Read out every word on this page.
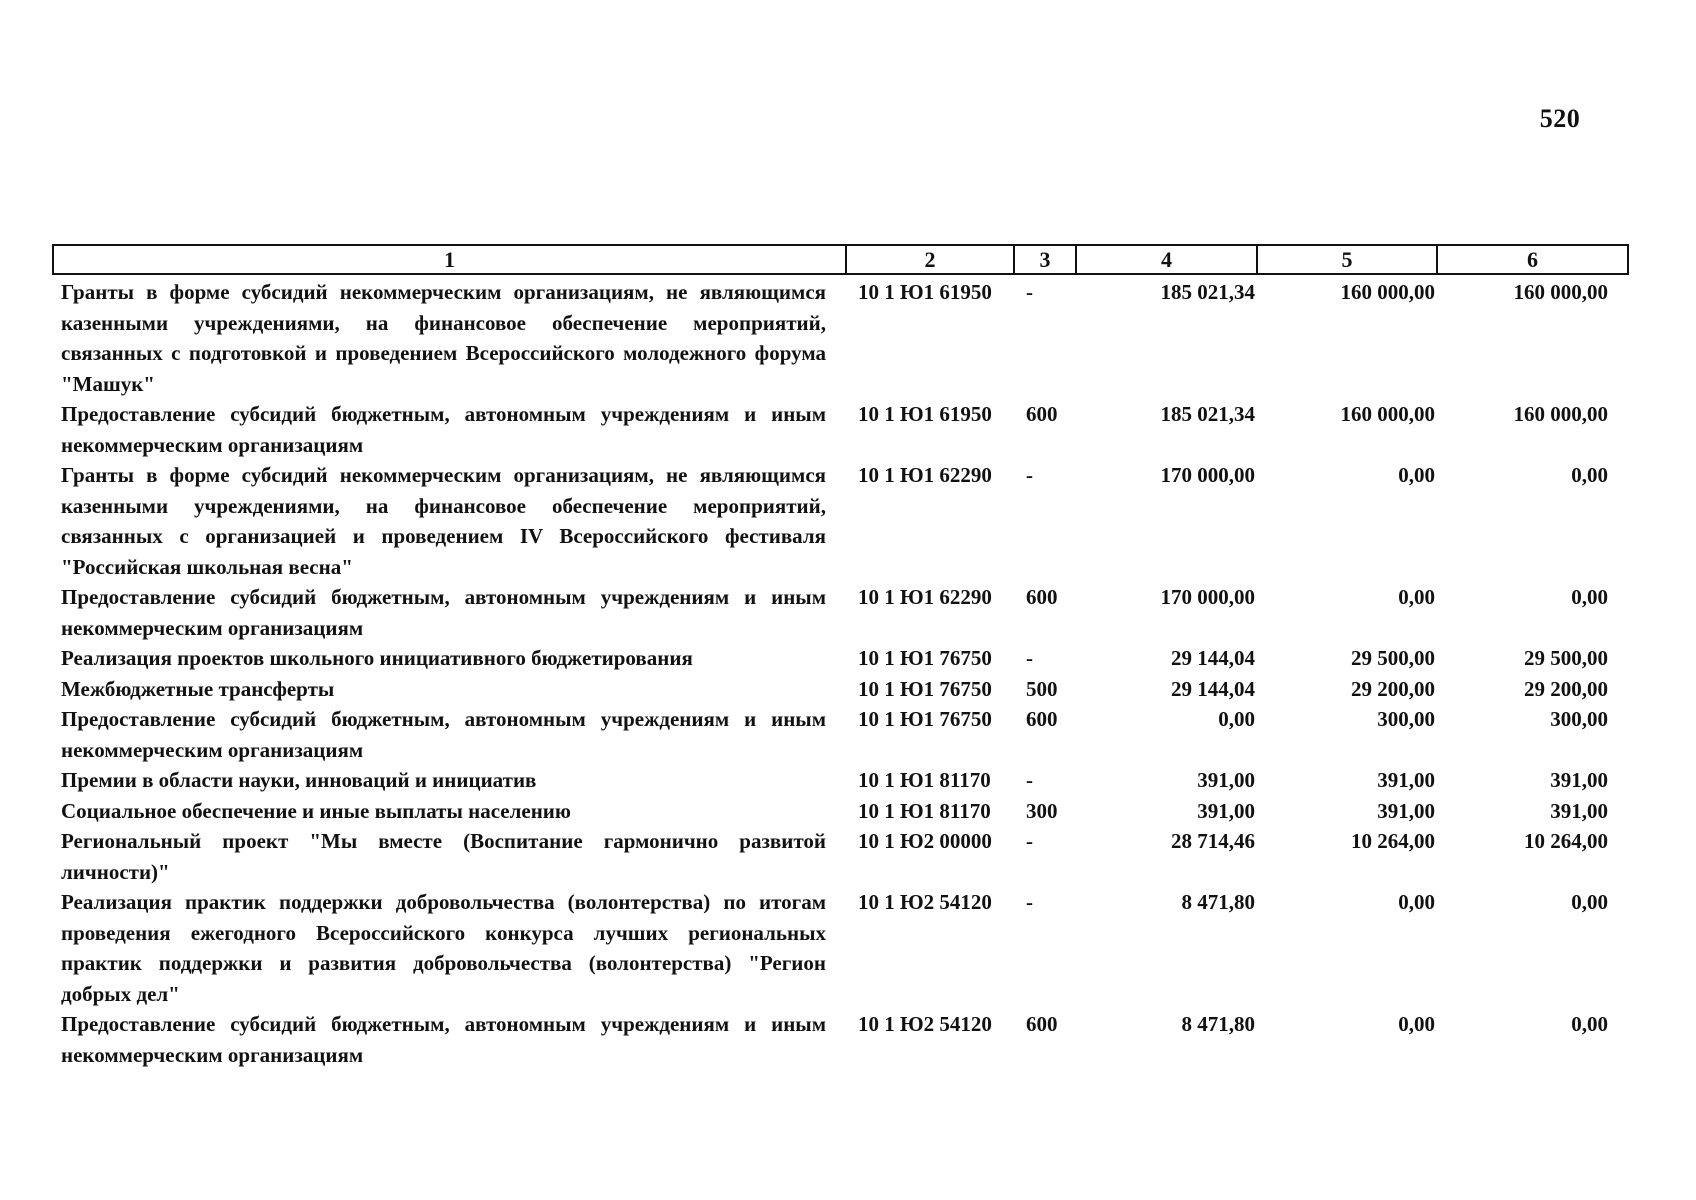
520
1	2	3	4	5	6
Гранты в форме субсидий некоммерческим организациям, не являющимся казенными учреждениями, на финансовое обеспечение мероприятий, связанных с подготовкой и проведением Всероссийского молодежного форума "Машук"	10 1 Ю1 61950	-	185 021,34	160 000,00	160 000,00
Предоставление субсидий бюджетным, автономным учреждениям и иным некоммерческим организациям	10 1 Ю1 61950	600	185 021,34	160 000,00	160 000,00
Гранты в форме субсидий некоммерческим организациям, не являющимся казенными учреждениями, на финансовое обеспечение мероприятий, связанных с организацией и проведением IV Всероссийского фестиваля "Российская школьная весна"	10 1 Ю1 62290	-	170 000,00	0,00	0,00
Предоставление субсидий бюджетным, автономным учреждениям и иным некоммерческим организациям	10 1 Ю1 62290	600	170 000,00	0,00	0,00
Реализация проектов школьного инициативного бюджетирования	10 1 Ю1 76750	-	29 144,04	29 500,00	29 500,00
Межбюджетные трансферты	10 1 Ю1 76750	500	29 144,04	29 200,00	29 200,00
Предоставление субсидий бюджетным, автономным учреждениям и иным некоммерческим организациям	10 1 Ю1 76750	600	0,00	300,00	300,00
Премии в области науки, инноваций и инициатив	10 1 Ю1 81170	-	391,00	391,00	391,00
Социальное обеспечение и иные выплаты населению	10 1 Ю1 81170	300	391,00	391,00	391,00
Региональный проект "Мы вместе (Воспитание гармонично развитой личности)"	10 1 Ю2 00000	-	28 714,46	10 264,00	10 264,00
Реализация практик поддержки добровольчества (волонтерства) по итогам проведения ежегодного Всероссийского конкурса лучших региональных практик поддержки и развития добровольчества (волонтерства) "Регион добрых дел"	10 1 Ю2 54120	-	8 471,80	0,00	0,00
Предоставление субсидий бюджетным, автономным учреждениям и иным некоммерческим организациям	10 1 Ю2 54120	600	8 471,80	0,00	0,00
